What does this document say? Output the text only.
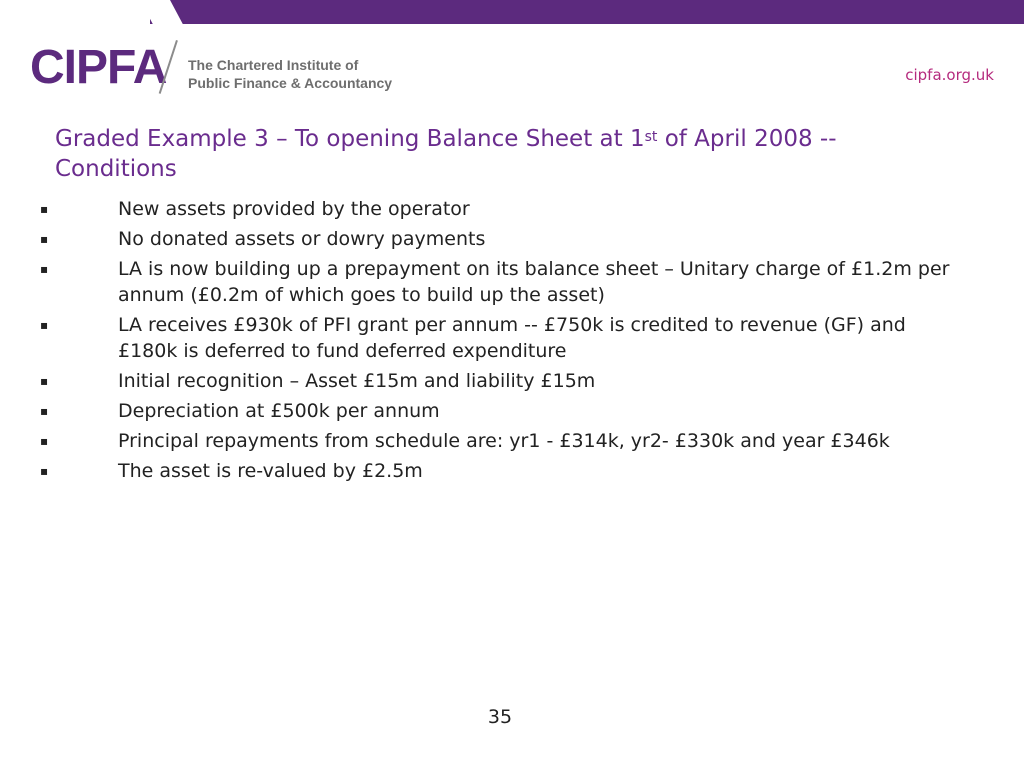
CIPFA The Chartered Institute of
Public Finance & Accountancy	cipfa.org.uk
Graded Example 3 – To opening Balance Sheet at 1st of April 2008 -- Conditions
▪	New assets provided by the operator
▪	No donated assets or dowry payments
▪	LA is now building up a prepayment on its balance sheet – Unitary charge of £1.2m per annum (£0.2m of which goes to build up the asset)
▪	LA receives £930k of PFI grant per annum -- £750k is credited to revenue (GF) and £180k is deferred to fund deferred expenditure
▪	Initial recognition – Asset £15m and liability £15m
▪	Depreciation at £500k per annum
▪	Principal repayments from schedule are: yr1 - £314k, yr2- £330k and year £346k
▪	The asset is re-valued by £2.5m
35
